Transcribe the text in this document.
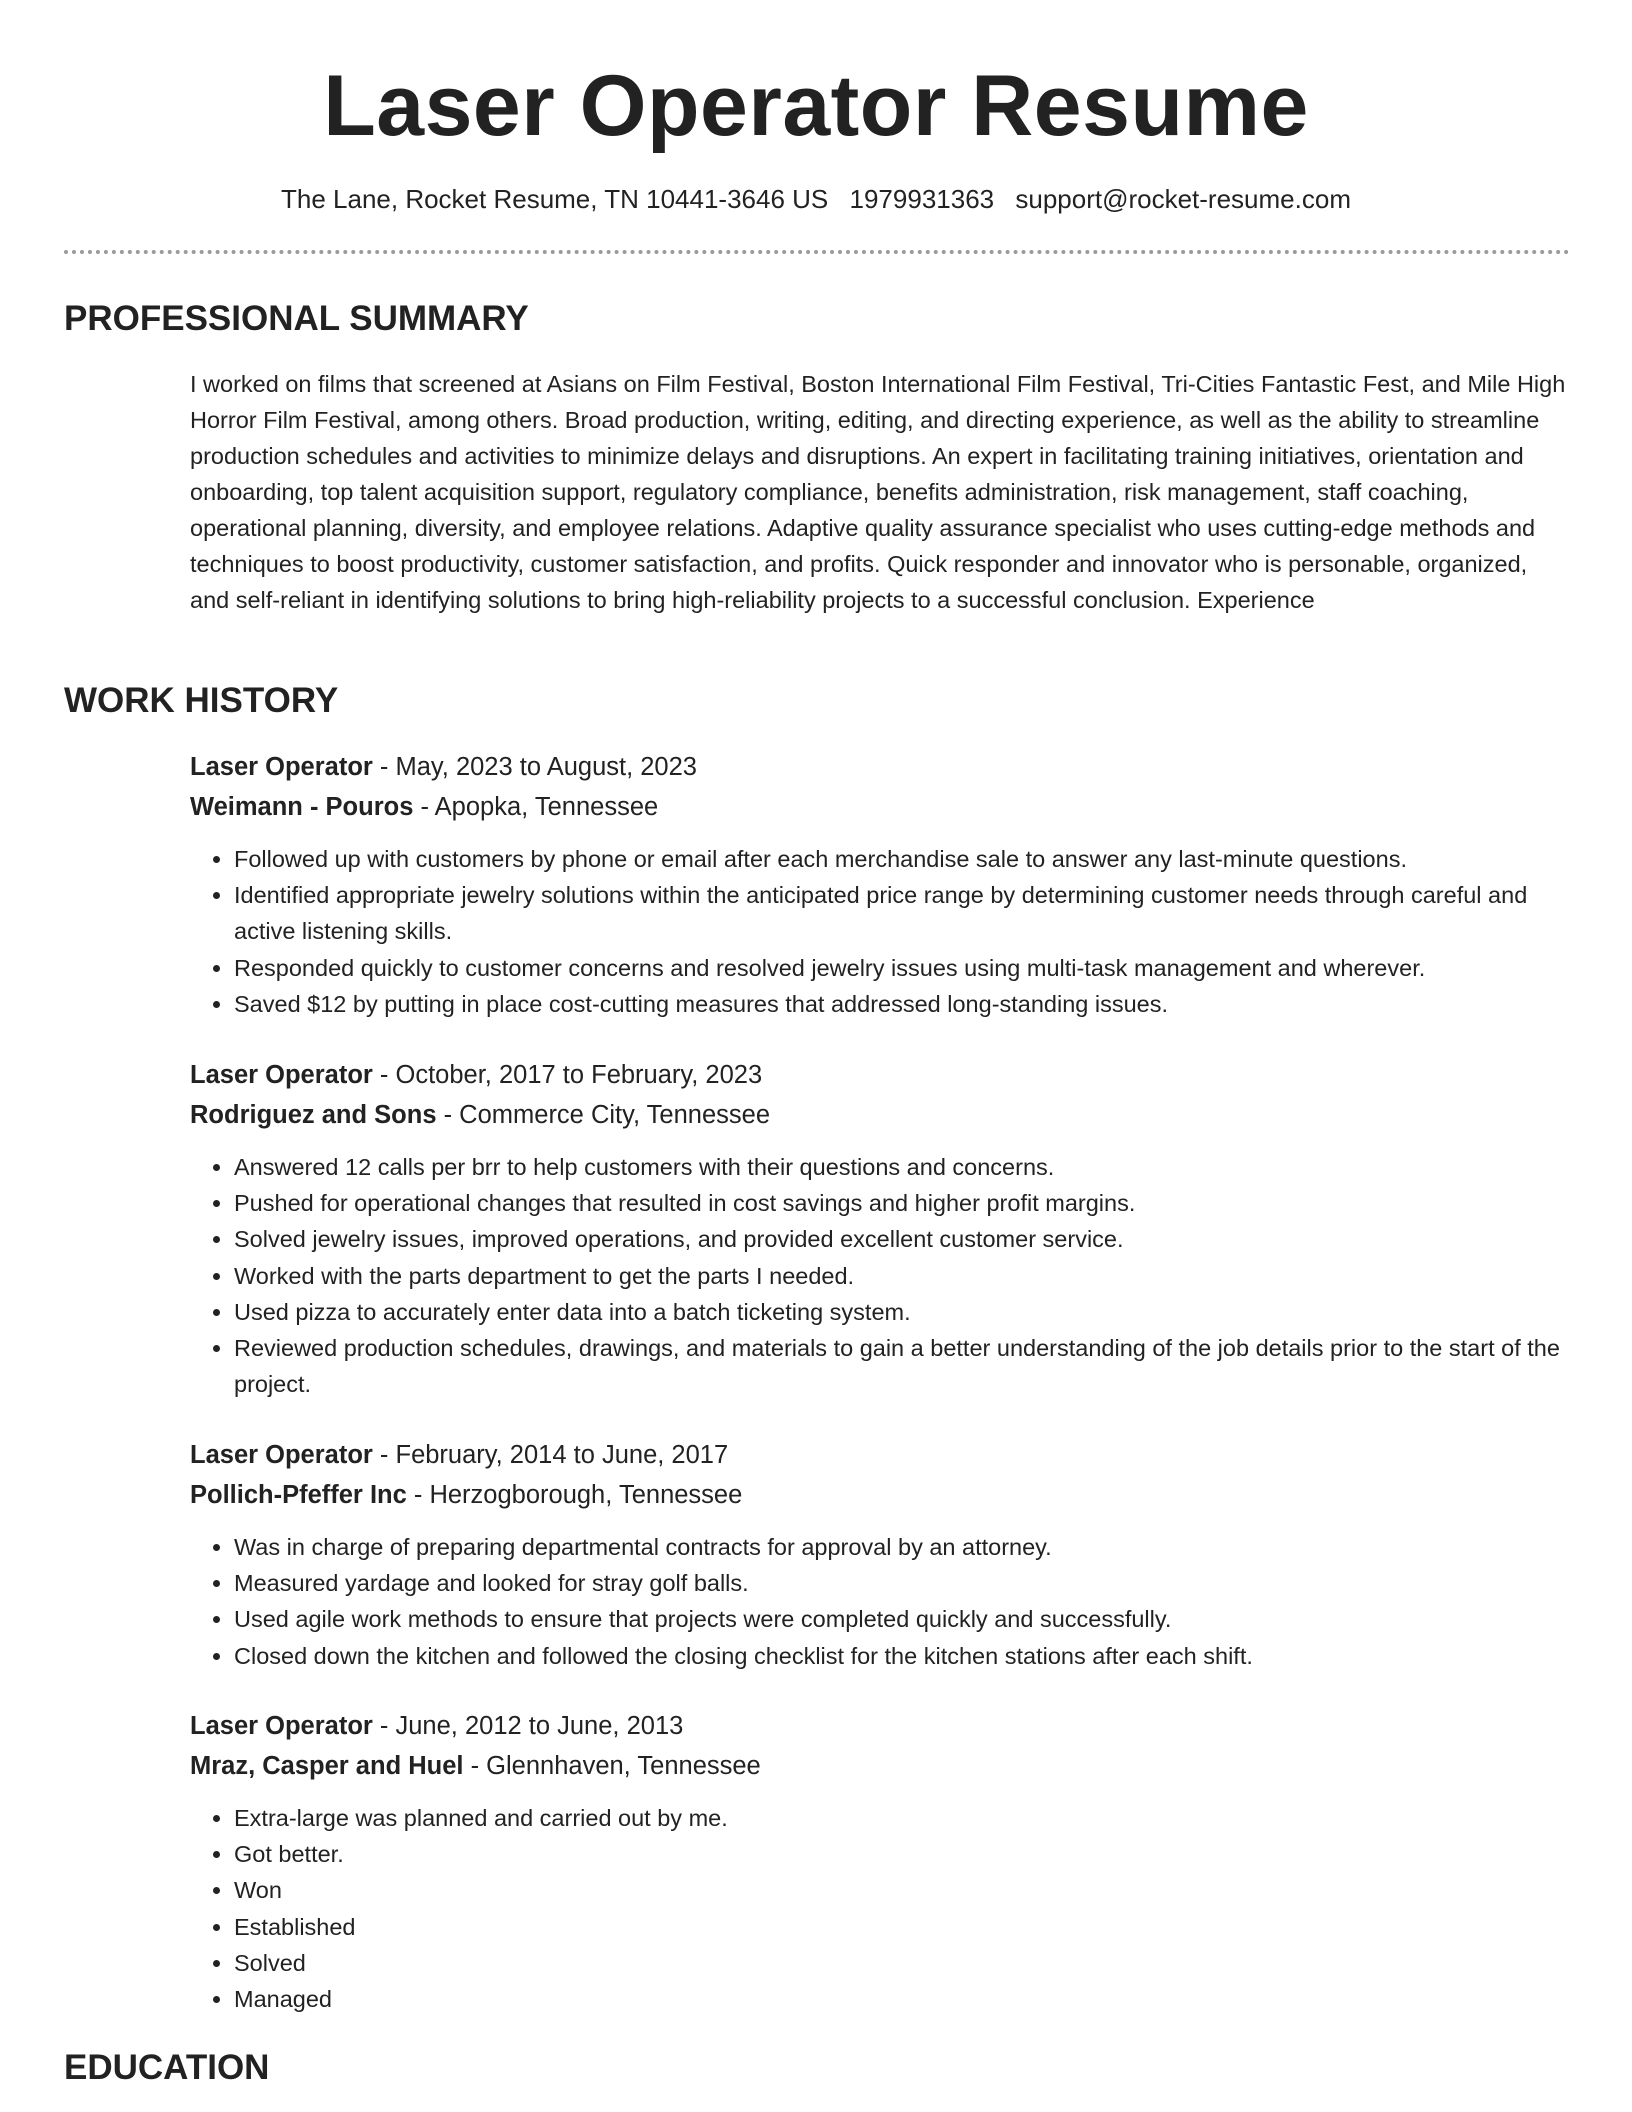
Laser Operator Resume
The Lane, Rocket Resume, TN 10441-3646 US 1979931363 support@rocket-resume.com
PROFESSIONAL SUMMARY

I worked on films that screened at Asians on Film Festival, Boston International Film Festival, Tri-Cities Fantastic Fest, and Mile High Horror Film Festival, among others. Broad production, writing, editing, and directing experience, as well as the ability to streamline production schedules and activities to minimize delays and disruptions. An expert in facilitating training initiatives, orientation and onboarding, top talent acquisition support, regulatory compliance, benefits administration, risk management, staff coaching, operational planning, diversity, and employee relations. Adaptive quality assurance specialist who uses cutting-edge methods and techniques to boost productivity, customer satisfaction, and profits. Quick responder and innovator who is personable, organized, and self-reliant in identifying solutions to bring high-reliability projects to a successful conclusion. Experience

WORK HISTORY

Laser Operator - May, 2023 to August, 2023

Weimann - Pouros - Apopka, Tennessee

• Followed up with customers by phone or email after each merchandise sale to answer any last-minute questions.
• Identified appropriate jewelry solutions within the anticipated price range by determining customer needs through careful and active listening skills.
• Responded quickly to customer concerns and resolved jewelry issues using multi-task management and wherever.
• Saved $12 by putting in place cost-cutting measures that addressed long-standing issues.

Laser Operator - October, 2017 to February, 2023

Rodriguez and Sons - Commerce City, Tennessee

• Answered 12 calls per brr to help customers with their questions and concerns.
• Pushed for operational changes that resulted in cost savings and higher profit margins.
• Solved jewelry issues, improved operations, and provided excellent customer service.
• Worked with the parts department to get the parts I needed.
• Used pizza to accurately enter data into a batch ticketing system.
• Reviewed production schedules, drawings, and materials to gain a better understanding of the job details prior to the start of the project.

Laser Operator - February, 2014 to June, 2017

Pollich-Pfeffer Inc - Herzogborough, Tennessee

• Was in charge of preparing departmental contracts for approval by an attorney.
• Measured yardage and looked for stray golf balls.
• Used agile work methods to ensure that projects were completed quickly and successfully.
• Closed down the kitchen and followed the closing checklist for the kitchen stations after each shift.

Laser Operator - June, 2012 to June, 2013

Mraz, Casper and Huel - Glennhaven, Tennessee

• Extra-large was planned and carried out by me.
• Got better.
• Won
• Established
• Solved
• Managed
EDUCATION
